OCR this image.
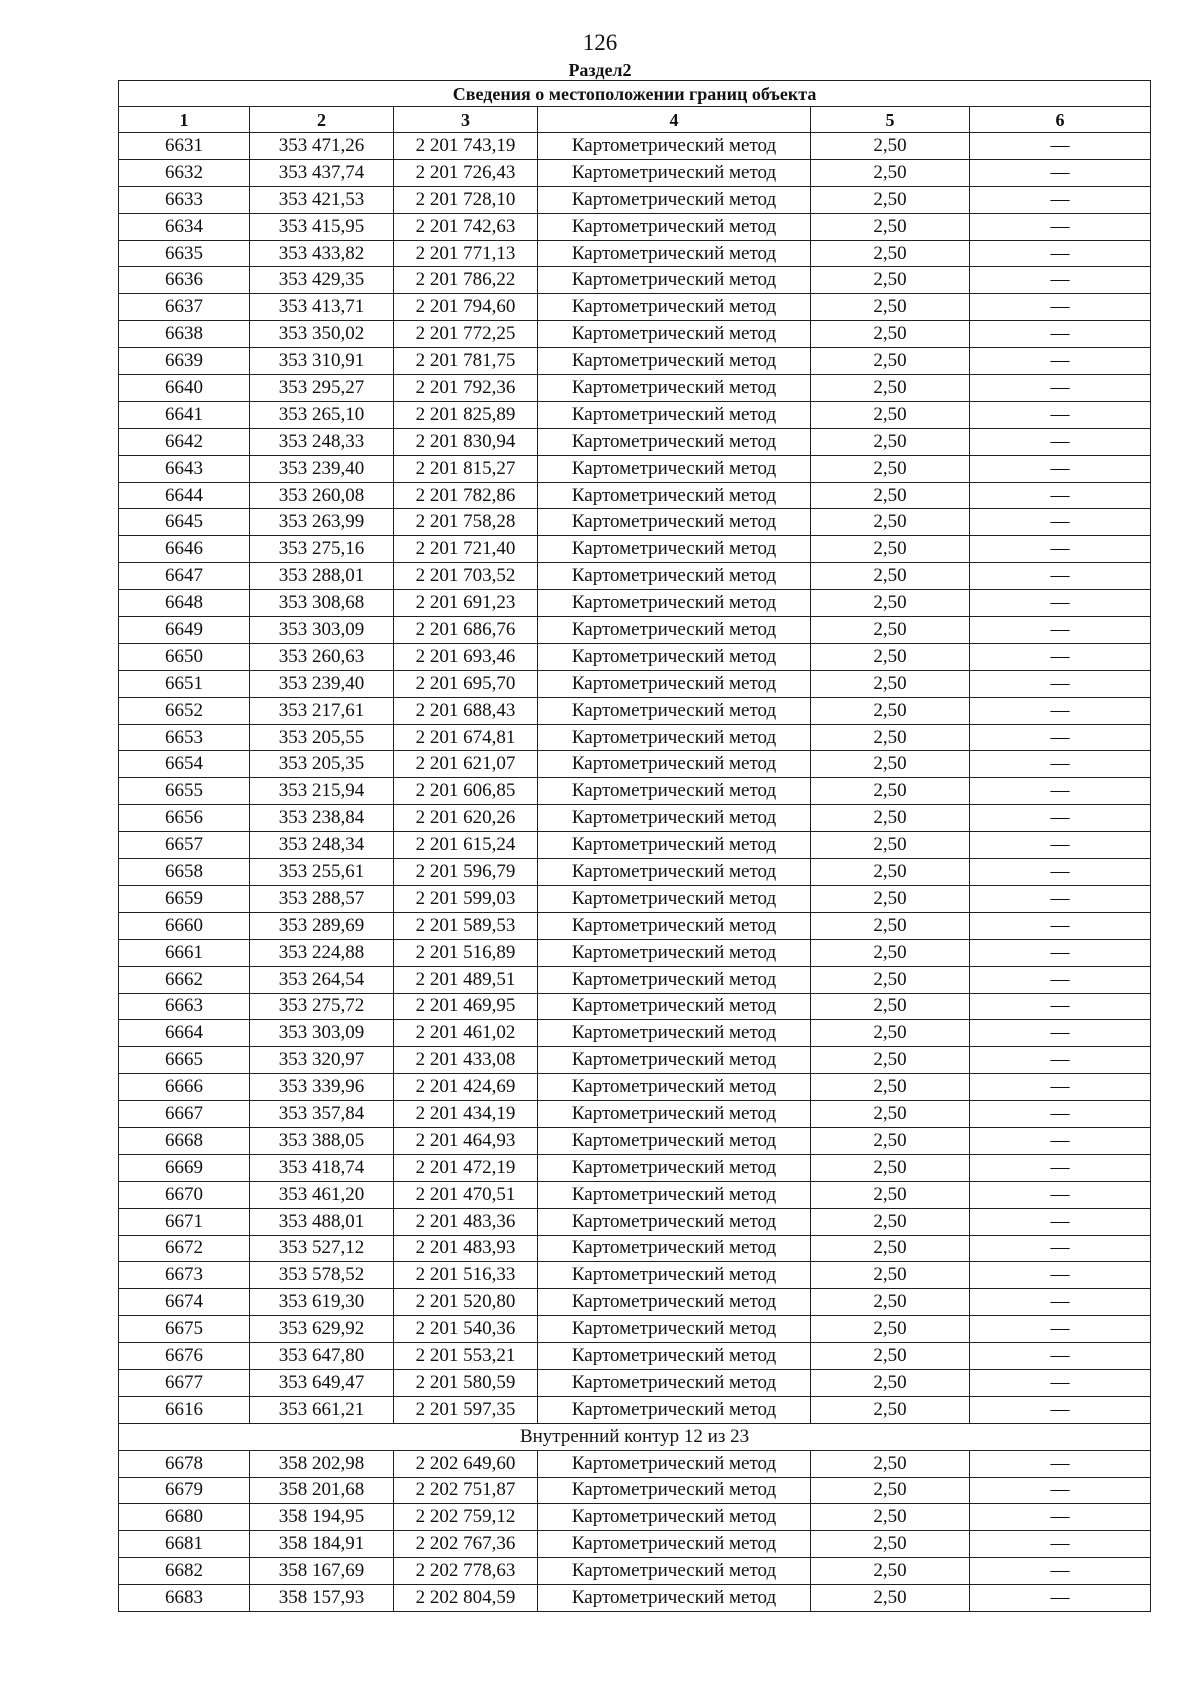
126
Раздел2
Сведения о местоположении границ объекта					
1	2	3	4	5	6
6631	353 471,26	2 201 743,19	Картометрический метод	2,50	—
6632	353 437,74	2 201 726,43	Картометрический метод	2,50	—
6633	353 421,53	2 201 728,10	Картометрический метод	2,50	—
6634	353 415,95	2 201 742,63	Картометрический метод	2,50	—
6635	353 433,82	2 201 771,13	Картометрический метод	2,50	—
6636	353 429,35	2 201 786,22	Картометрический метод	2,50	—
6637	353 413,71	2 201 794,60	Картометрический метод	2,50	—
6638	353 350,02	2 201 772,25	Картометрический метод	2,50	—
6639	353 310,91	2 201 781,75	Картометрический метод	2,50	—
6640	353 295,27	2 201 792,36	Картометрический метод	2,50	—
6641	353 265,10	2 201 825,89	Картометрический метод	2,50	—
6642	353 248,33	2 201 830,94	Картометрический метод	2,50	—
6643	353 239,40	2 201 815,27	Картометрический метод	2,50	—
6644	353 260,08	2 201 782,86	Картометрический метод	2,50	—
6645	353 263,99	2 201 758,28	Картометрический метод	2,50	—
6646	353 275,16	2 201 721,40	Картометрический метод	2,50	—
6647	353 288,01	2 201 703,52	Картометрический метод	2,50	—
6648	353 308,68	2 201 691,23	Картометрический метод	2,50	—
6649	353 303,09	2 201 686,76	Картометрический метод	2,50	—
6650	353 260,63	2 201 693,46	Картометрический метод	2,50	—
6651	353 239,40	2 201 695,70	Картометрический метод	2,50	—
6652	353 217,61	2 201 688,43	Картометрический метод	2,50	—
6653	353 205,55	2 201 674,81	Картометрический метод	2,50	—
6654	353 205,35	2 201 621,07	Картометрический метод	2,50	—
6655	353 215,94	2 201 606,85	Картометрический метод	2,50	—
6656	353 238,84	2 201 620,26	Картометрический метод	2,50	—
6657	353 248,34	2 201 615,24	Картометрический метод	2,50	—
6658	353 255,61	2 201 596,79	Картометрический метод	2,50	—
6659	353 288,57	2 201 599,03	Картометрический метод	2,50	—
6660	353 289,69	2 201 589,53	Картометрический метод	2,50	—
6661	353 224,88	2 201 516,89	Картометрический метод	2,50	—
6662	353 264,54	2 201 489,51	Картометрический метод	2,50	—
6663	353 275,72	2 201 469,95	Картометрический метод	2,50	—
6664	353 303,09	2 201 461,02	Картометрический метод	2,50	—
6665	353 320,97	2 201 433,08	Картометрический метод	2,50	—
6666	353 339,96	2 201 424,69	Картометрический метод	2,50	—
6667	353 357,84	2 201 434,19	Картометрический метод	2,50	—
6668	353 388,05	2 201 464,93	Картометрический метод	2,50	—
6669	353 418,74	2 201 472,19	Картометрический метод	2,50	—
6670	353 461,20	2 201 470,51	Картометрический метод	2,50	—
6671	353 488,01	2 201 483,36	Картометрический метод	2,50	—
6672	353 527,12	2 201 483,93	Картометрический метод	2,50	—
6673	353 578,52	2 201 516,33	Картометрический метод	2,50	—
6674	353 619,30	2 201 520,80	Картометрический метод	2,50	—
6675	353 629,92	2 201 540,36	Картометрический метод	2,50	—
6676	353 647,80	2 201 553,21	Картометрический метод	2,50	—
6677	353 649,47	2 201 580,59	Картометрический метод	2,50	—
6616	353 661,21	2 201 597,35	Картометрический метод	2,50	—
Внутренний контур 12 из 23					
6678	358 202,98	2 202 649,60	Картометрический метод	2,50	—
6679	358 201,68	2 202 751,87	Картометрический метод	2,50	—
6680	358 194,95	2 202 759,12	Картометрический метод	2,50	—
6681	358 184,91	2 202 767,36	Картометрический метод	2,50	—
6682	358 167,69	2 202 778,63	Картометрический метод	2,50	—
6683	358 157,93	2 202 804,59	Картометрический метод	2,50	—
